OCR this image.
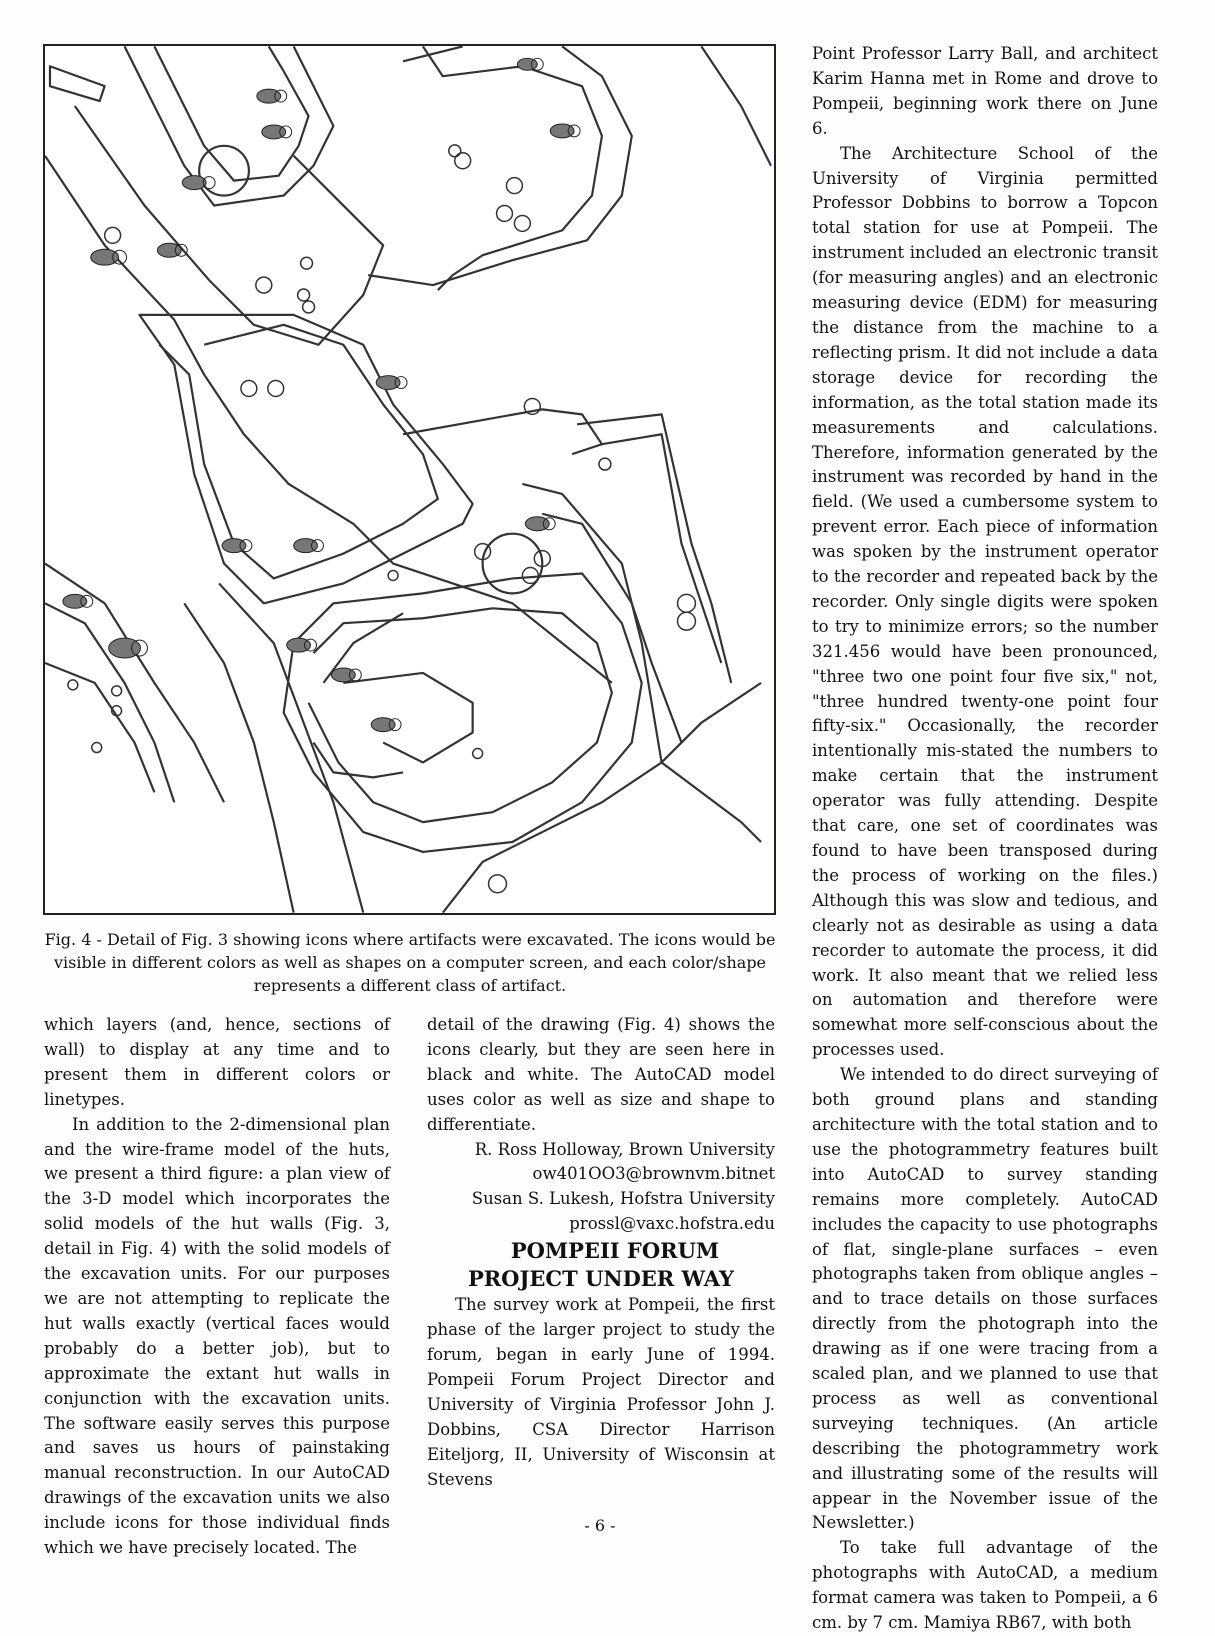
Fig. 4 - Detail of Fig. 3 showing icons where artifacts were excavated. The icons would be visible in different colors as well as shapes on a computer screen, and each color/shape represents a different class of artifact.

which layers (and, hence, sections of wall) to display at any time and to present them in different colors or linetypes.

In addition to the 2-dimensional plan and the wire-frame model of the huts, we present a third figure: a plan view of the 3-D model which incorporates the solid models of the hut walls (Fig. 3, detail in Fig. 4) with the solid models of the excavation units. For our purposes we are not attempting to replicate the hut walls exactly (vertical faces would probably do a better job), but to approximate the extant hut walls in conjunction with the excavation units. The software easily serves this purpose and saves us hours of painstaking manual reconstruction. In our AutoCAD drawings of the excavation units we also include icons for those individual finds which we have precisely located. The

detail of the drawing (Fig. 4) shows the icons clearly, but they are seen here in black and white. The AutoCAD model uses color as well as size and shape to differentiate.

R. Ross Holloway, Brown University

ow401OO3@brownvm.bitnet

Susan S. Lukesh, Hofstra University

prossl@vaxc.hofstra.edu

POMPEII FORUM PROJECT UNDER WAY

The survey work at Pompeii, the first phase of the larger project to study the forum, began in early June of 1994. Pompeii Forum Project Director and University of Virginia Professor John J. Dobbins, CSA Director Harrison Eiteljorg, II, University of Wisconsin at Stevens

Point Professor Larry Ball, and architect Karim Hanna met in Rome and drove to Pompeii, beginning work there on June 6.

The Architecture School of the University of Virginia permitted Professor Dobbins to borrow a Topcon total station for use at Pompeii. The instrument included an electronic transit (for measuring angles) and an electronic measuring device (EDM) for measuring the distance from the machine to a reflecting prism. It did not include a data storage device for recording the information, as the total station made its measurements and calculations. Therefore, information generated by the instrument was recorded by hand in the field. (We used a cumbersome system to prevent error. Each piece of information was spoken by the instrument operator to the recorder and repeated back by the recorder. Only single digits were spoken to try to minimize errors; so the number 321.456 would have been pronounced, "three two one point four five six," not, "three hundred twenty-one point four fifty-six." Occasionally, the recorder intentionally mis-stated the numbers to make certain that the instrument operator was fully attending. Despite that care, one set of coordinates was found to have been transposed during the process of working on the files.) Although this was slow and tedious, and clearly not as desirable as using a data recorder to automate the process, it did work. It also meant that we relied less on automation and therefore were somewhat more self-conscious about the processes used.

We intended to do direct surveying of both ground plans and standing architecture with the total station and to use the photogrammetry features built into AutoCAD to survey standing remains more completely. AutoCAD includes the capacity to use photographs of flat, single-plane surfaces – even photographs taken from oblique angles – and to trace details on those surfaces directly from the photograph into the drawing as if one were tracing from a scaled plan, and we planned to use that process as well as conventional surveying techniques. (An article describing the photogrammetry work and illustrating some of the results will appear in the November issue of the Newsletter.)

To take full advantage of the photographs with AutoCAD, a medium format camera was taken to Pompeii, a 6 cm. by 7 cm. Mamiya RB67, with both

- 6 -
